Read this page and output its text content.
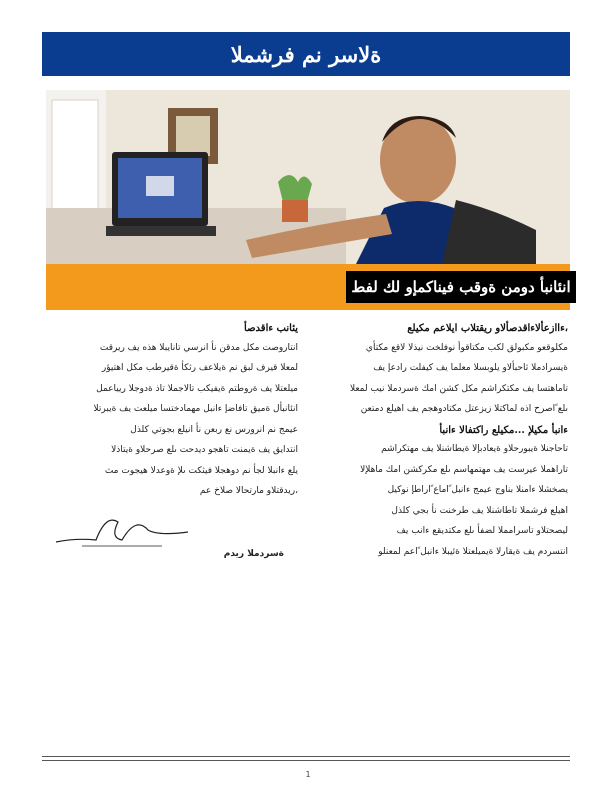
ةلاسر نم فرشملا
انئانبأ دومن ةوقب فيناكمإو لك لفط
،ءاازعألاءاقدصألاو ريقتلاب ايلاعم مكيلع

مكلوقعو مكبولق لكب مكتاقوأ نوفلخت نيذلا لاقع مكتأي

ةيسرادملا ثاحبألاو يلوبسلا معلما يف كيفلت رادعإ يف

تاماهتسا يف مكتكراشم مكل كشن امك ةسردملا نيب لمعلا

ىلع ًاصرح اذه لماكتلا زيزعتل مكتادوهجم يف اهيلع دمتعن

ءانبأ مكيلإ ...مكيلع راكتفالا ءانبأ

تاحاجنلا ةيبورحلاو ةيعادبإلا ةيطاشنلا يف مهتكراشم

تاراهملا عيرست يف مهتمهاسم ىلع مكركشن امك ماهلإلا

يصخشلا ءامنلا بناوج عيمج ءانبل ًاماع ًاراطإ نوكيل

اهيلع فرشملا تاطاشنلا يف طرخنت نأ بجي كلذل

ليصحتلاو تاسرامملا لضفأ ىلع مكتديقع ءانب يف

انتسردم يف ةيقارلا ةيميلعتلا ةئيبلا ءانبل ًاعم لمعنلو

يئانب ءاقدصأ

انتاروصت مكل مدقن نأ انرسي تانايبلا هذه يف ريرقت

لمعلا قيرف لبق نم ةيلاعف رثكأ ةقيرطب مكل اهتيؤر

ميلعتلا يف ةروطتم ةيفيكب تالاجملا تاذ ةدوجلا ريياعمل

انئانبأل ةميق تافاضإ ءانبل مهمادختسا ميلعت يف ةيبرتلا

عيمج نم انرورس نع ربعن نأ انيلع بجوتي كلذل

انتدايق يف ةيمنت تاهجو ديدحت ىلع صرحلاو ةيتاذلا

يلع ءانبلا لجأ نم دوهجلا فيثكت ىلإ ةوعدلا هيجوت مث

،ريدقتلاو مارتحالا صلاخ عم

ةسردملا ريدم
1
